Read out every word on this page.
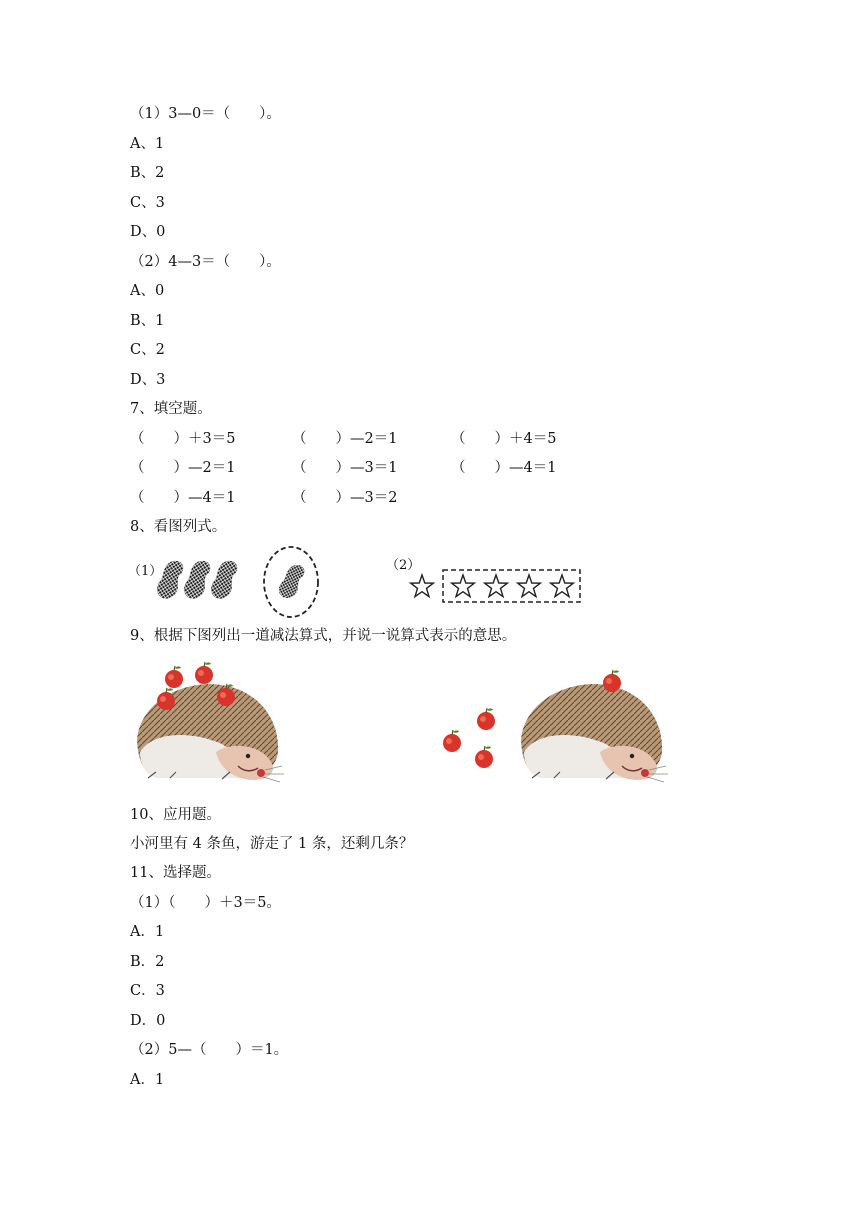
（1）3—0＝（　　）。
A、1
B、2
C、3
D、0
（2）4—3＝（　　）。
A、0
B、1
C、2
D、3
7、填空题。
（　　）＋3＝5	（　　）—2＝1	（　　）＋4＝5
（　　）—2＝1	（　　）—3＝1	（　　）—4＝1
（　　）—4＝1	（　　）—3＝2
8、看图列式。
（1）	（2）
9、根据下图列出一道减法算式，并说一说算式表示的意思。
10、应用题。
小河里有 4 条鱼，游走了 1 条，还剩几条？
11、选择题。
（1）（　　）＋3＝5。
A．1
B．2
C．3
D．0
（2）5—（　　）＝1。
A．1
